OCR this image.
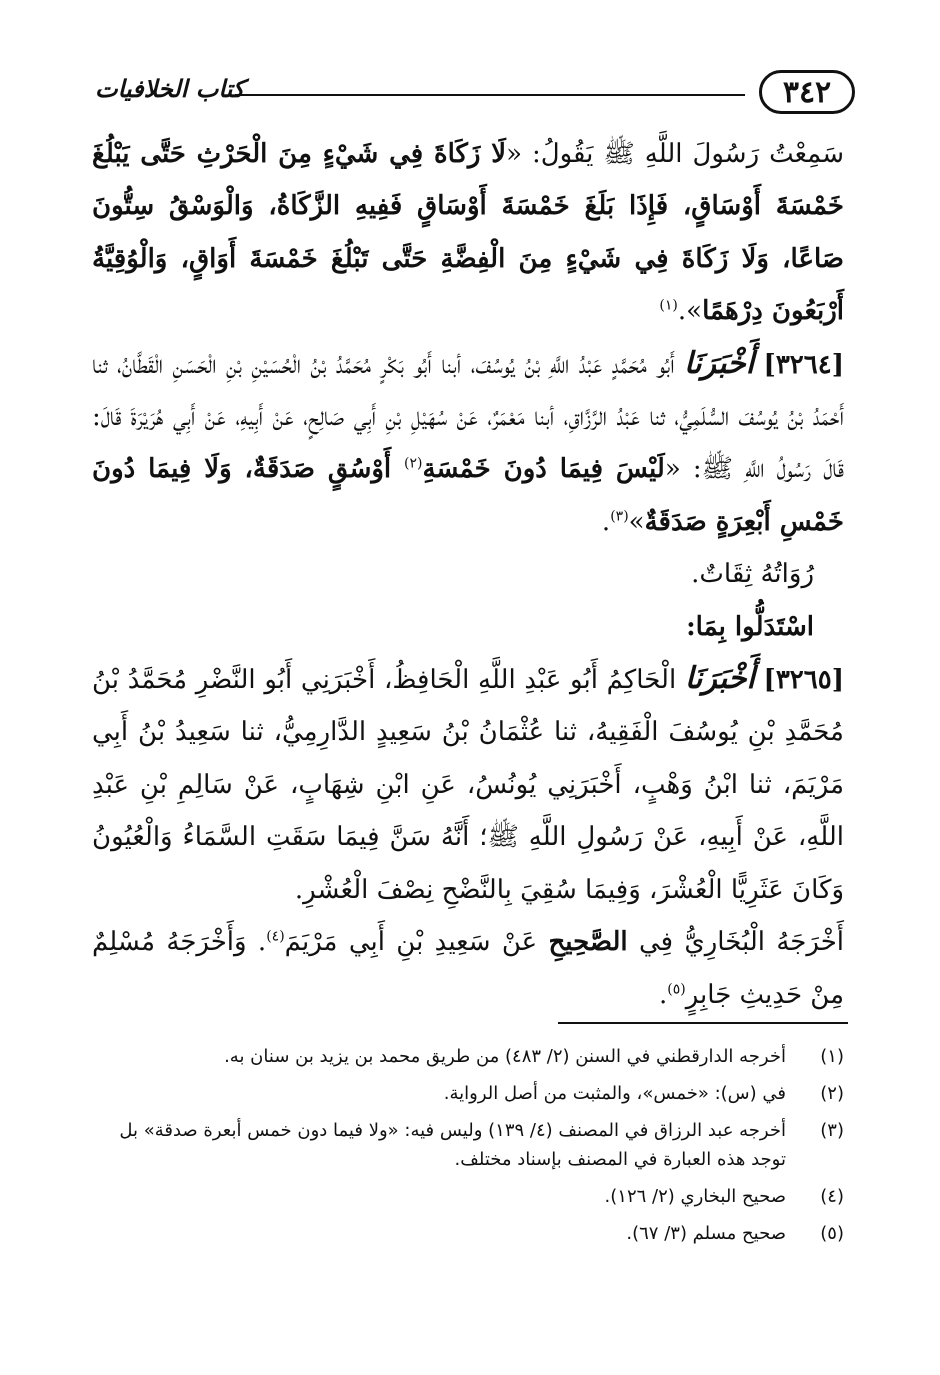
٣٤٢
كتاب الخلافيات

سَمِعْتُ رَسُولَ اللَّهِ ﷺ يَقُولُ: «لَا زَكَاةَ فِي شَيْءٍ مِنَ الْحَرْثِ حَتَّى يَبْلُغَ خَمْسَةَ أَوْسَاقٍ، فَإِذَا بَلَغَ خَمْسَةَ أَوْسَاقٍ فَفِيهِ الزَّكَاةُ، وَالْوَسْقُ سِتُّونَ صَاعًا، وَلَا زَكَاةَ فِي شَيْءٍ مِنَ الْفِضَّةِ حَتَّى تَبْلُغَ خَمْسَةَ أَوَاقٍ، وَالْوُقِيَّةُ أَرْبَعُونَ دِرْهَمًا».$^{(١)}$

[٣٢٦٤] أَخْبَرَنَا أَبُو مُحَمَّدٍ عَبْدُ اللَّهِ بْنُ يُوسُفَ، أبنا أَبُو بَكْرٍ مُحَمَّدُ بْنُ الْحُسَيْنِ بْنِ الْحَسَنِ الْقَطَّانُ، ثنا أَحْمَدُ بْنُ يُوسُفَ السُّلَمِيُّ، ثنا عَبْدُ الرَّزَّاقِ، أبنا مَعْمَرٌ، عَنْ سُهَيْلِ بْنِ أَبِي صَالِحٍ، عَنْ أَبِيهِ، عَنْ أَبِي هُرَيْرَةَ قَالَ: قَالَ رَسُولُ اللَّهِ ﷺ: «لَيْسَ فِيمَا دُونَ خَمْسَةِ$^{(٢)}$ أَوْسُقٍ صَدَقَةٌ، وَلَا فِيمَا دُونَ خَمْسِ أَبْعِرَةٍ صَدَقَةٌ»$^{(٣)}$.

رُوَاتُهُ ثِقَاتٌ.

اسْتَدَلُّوا بِمَا:

[٣٢٦٥] أَخْبَرَنَا الْحَاكِمُ أَبُو عَبْدِ اللَّهِ الْحَافِظُ، أَخْبَرَنِي أَبُو النَّضْرِ مُحَمَّدُ بْنُ مُحَمَّدِ بْنِ يُوسُفَ الْفَقِيهُ، ثنا عُثْمَانُ بْنُ سَعِيدٍ الدَّارِمِيُّ، ثنا سَعِيدُ بْنُ أَبِي مَرْيَمَ، ثنا ابْنُ وَهْبٍ، أَخْبَرَنِي يُونُسُ، عَنِ ابْنِ شِهَابٍ، عَنْ سَالِمِ بْنِ عَبْدِ اللَّهِ، عَنْ أَبِيهِ، عَنْ رَسُولِ اللَّهِ ﷺ؛ أَنَّهُ سَنَّ فِيمَا سَقَتِ السَّمَاءُ وَالْعُيُونُ وَكَانَ عَثَرِيًّا الْعُشْرَ، وَفِيمَا سُقِيَ بِالنَّضْحِ نِصْفَ الْعُشْرِ.

أَخْرَجَهُ الْبُخَارِيُّ فِي الصَّحِيحِ عَنْ سَعِيدِ بْنِ أَبِي مَرْيَمَ$^{(٤)}$. وَأَخْرَجَهُ مُسْلِمٌ مِنْ حَدِيثِ جَابِرٍ$^{(٥)}$.

(١)
أخرجه الدارقطني في السنن (٢/ ٤٨٣) من طريق محمد بن يزيد بن سنان به.
(٢)
في (س): «خمس»، والمثبت من أصل الرواية.
(٣)
أخرجه عبد الرزاق في المصنف (٤/ ١٣٩) وليس فيه: «ولا فيما دون خمس أبعرة صدقة» بل توجد هذه العبارة في المصنف بإسناد مختلف.
(٤)
صحيح البخاري (٢/ ١٢٦).
(٥)
صحيح مسلم (٣/ ٦٧).
